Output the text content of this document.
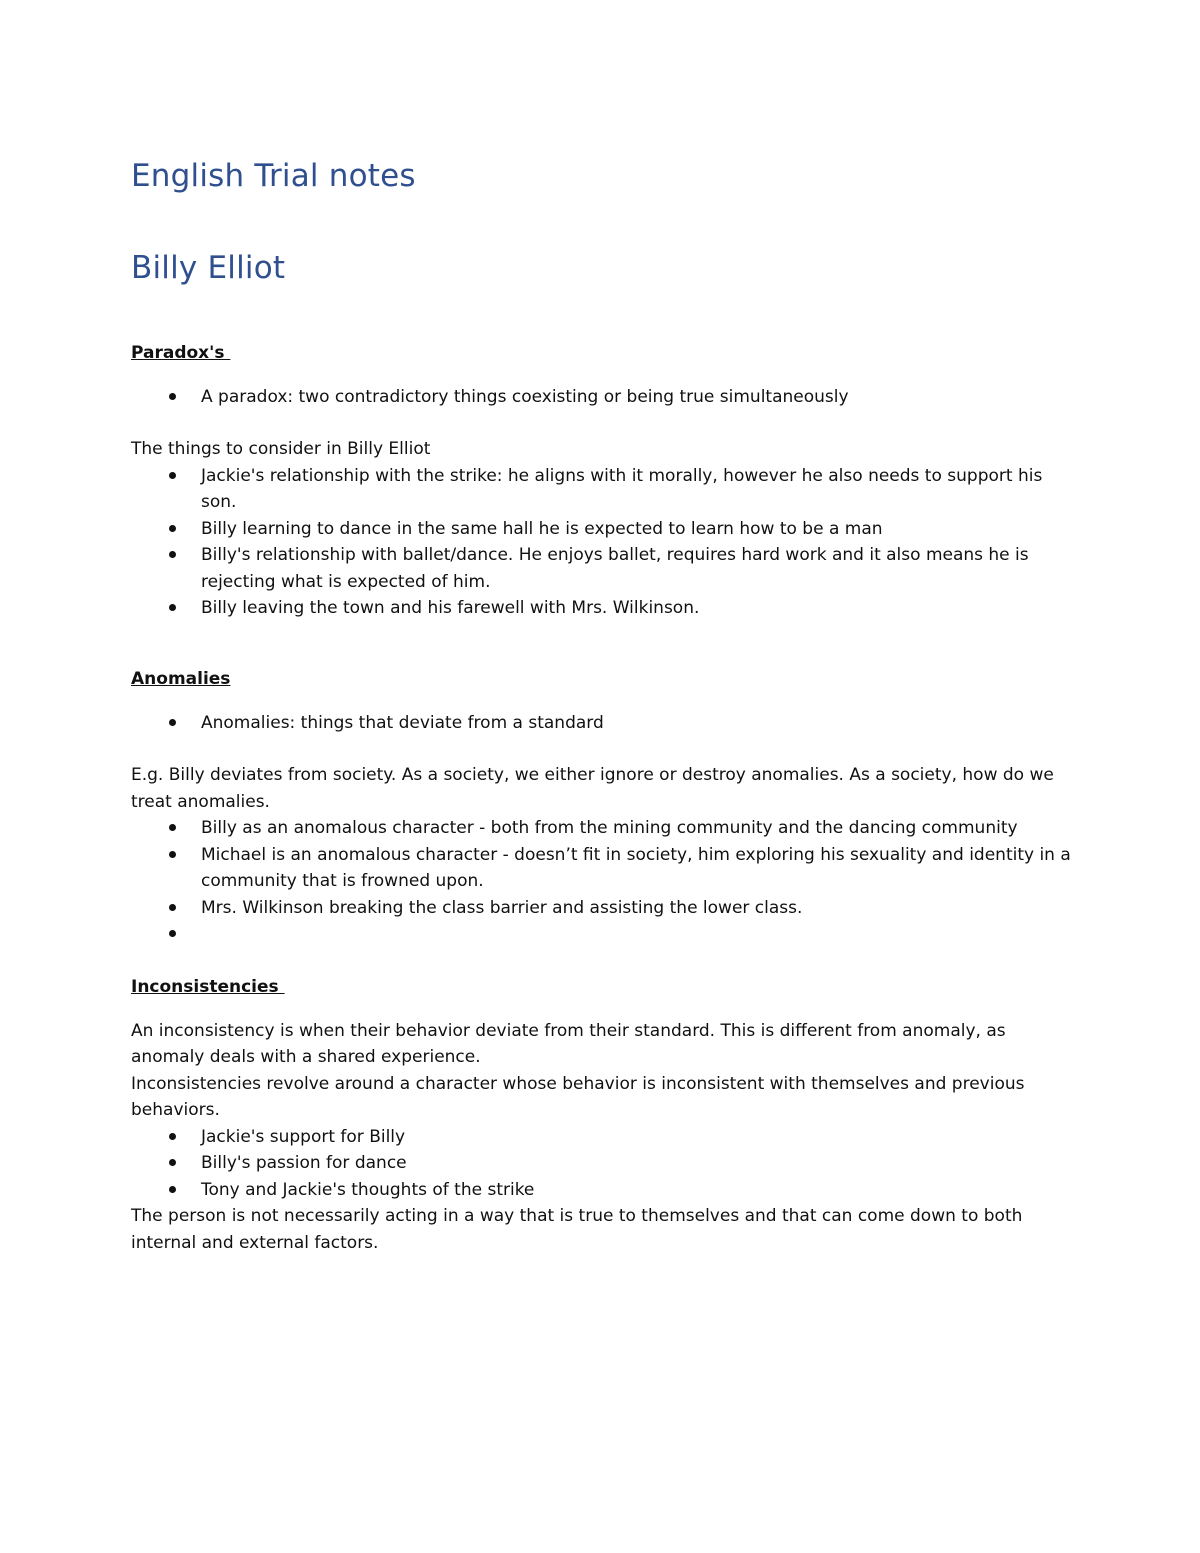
English Trial notes
Billy Elliot

Paradox's

A paradox: two contradictory things coexisting or being true simultaneously

The things to consider in Billy Elliot

Jackie's relationship with the strike: he aligns with it morally, however he also needs to support his son.
Billy learning to dance in the same hall he is expected to learn how to be a man
Billy's relationship with ballet/dance. He enjoys ballet, requires hard work and it also means he is rejecting what is expected of him.
Billy leaving the town and his farewell with Mrs. Wilkinson.

Anomalies

Anomalies: things that deviate from a standard

E.g. Billy deviates from society. As a society, we either ignore or destroy anomalies. As a society, how do we treat anomalies.

Billy as an anomalous character - both from the mining community and the dancing community
Michael is an anomalous character - doesn’t fit in society, him exploring his sexuality and identity in a community that is frowned upon.
Mrs. Wilkinson breaking the class barrier and assisting the lower class.

Inconsistencies

An inconsistency is when their behavior deviate from their standard. This is different from anomaly, as anomaly deals with a shared experience.

Inconsistencies revolve around a character whose behavior is inconsistent with themselves and previous behaviors.

Jackie's support for Billy
Billy's passion for dance
Tony and Jackie's thoughts of the strike

The person is not necessarily acting in a way that is true to themselves and that can come down to both internal and external factors.
